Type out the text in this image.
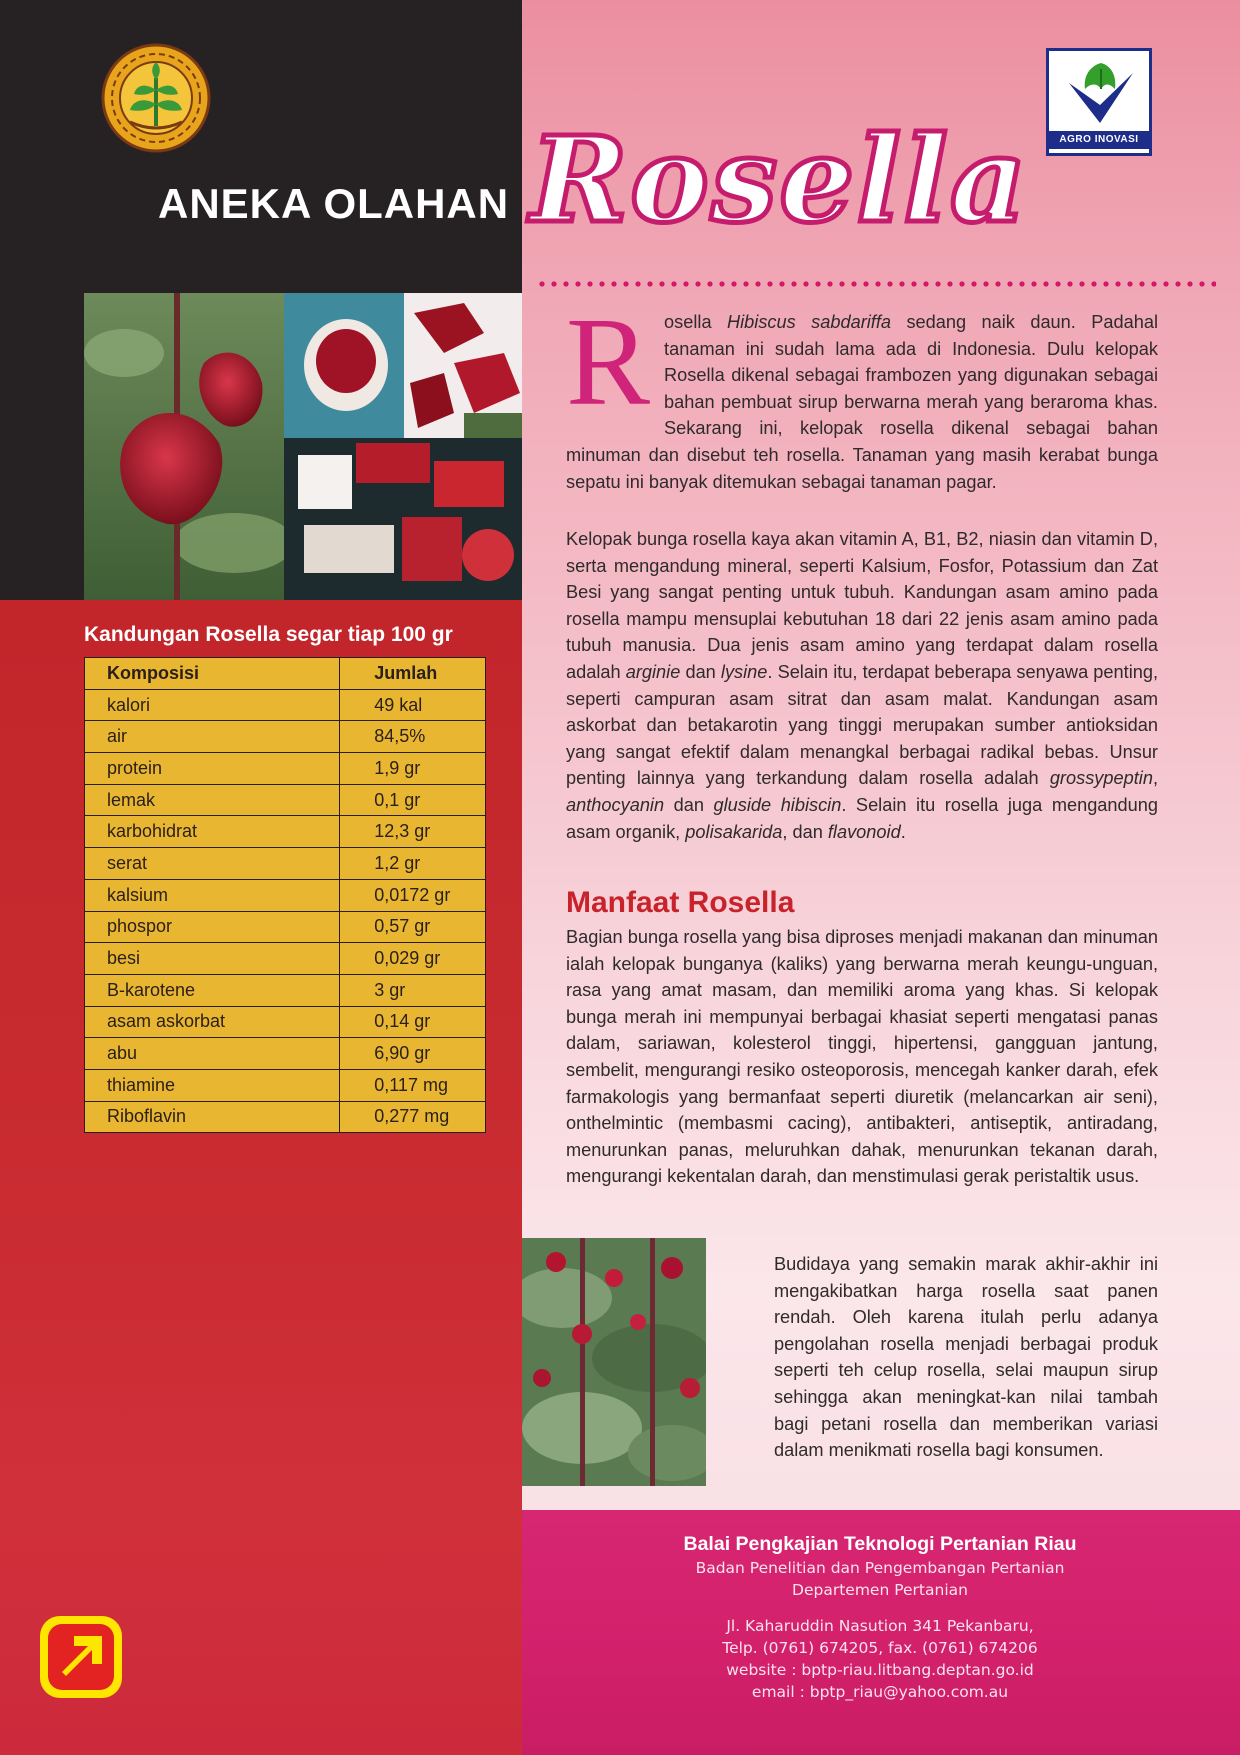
AGRO INOVASI
ANEKA OLAHAN Rosella
Kandungan Rosella segar tiap 100 gr
Komposisi	Jumlah
kalori	49 kal
air	84,5%
protein	1,9 gr
lemak	0,1 gr
karbohidrat	12,3 gr
serat	1,2 gr
kalsium	0,0172 gr
phospor	0,57 gr
besi	0,029 gr
B-karotene	3 gr
asam askorbat	0,14 gr
abu	6,90 gr
thiamine	0,117 mg
Riboflavin	0,277 mg

Rosella Hibiscus sabdariffa sedang naik daun. Padahal tanaman ini sudah lama ada di Indonesia. Dulu kelopak Rosella dikenal sebagai frambozen yang digunakan sebagai bahan pembuat sirup berwarna merah yang beraroma khas. Sekarang ini, kelopak rosella dikenal sebagai bahan minuman dan disebut teh rosella. Tanaman yang masih kerabat bunga sepatu ini banyak ditemukan sebagai tanaman pagar.

Kelopak bunga rosella kaya akan vitamin A, B1, B2, niasin dan vitamin D, serta mengandung mineral, seperti Kalsium, Fosfor, Potassium dan Zat Besi yang sangat penting untuk tubuh. Kandungan asam amino pada rosella mampu mensuplai kebutuhan 18 dari 22 jenis asam amino pada tubuh manusia. Dua jenis asam amino yang terdapat dalam rosella adalah arginie dan lysine. Selain itu, terdapat beberapa senyawa penting, seperti campuran asam sitrat dan asam malat. Kandungan asam askorbat dan betakarotin yang tinggi merupakan sumber antioksidan yang sangat efektif dalam menangkal berbagai radikal bebas. Unsur penting lainnya yang terkandung dalam rosella adalah grossypeptin, anthocyanin dan gluside hibiscin. Selain itu rosella juga mengandung asam organik, polisakarida, dan flavonoid.

Manfaat Rosella

Bagian bunga rosella yang bisa diproses menjadi makanan dan minuman ialah kelopak bunganya (kaliks) yang berwarna merah keungu-unguan, rasa yang amat masam, dan memiliki aroma yang khas. Si kelopak bunga merah ini mempunyai berbagai khasiat seperti mengatasi panas dalam, sariawan, kolesterol tinggi, hipertensi, gangguan jantung, sembelit, mengurangi resiko osteoporosis, mencegah kanker darah, efek farmakologis yang bermanfaat seperti diuretik (melancarkan air seni), onthelmintic (membasmi cacing), antibakteri, antiseptik, antiradang, menurunkan panas, meluruhkan dahak, menurunkan tekanan darah, mengurangi kekentalan darah, dan menstimulasi gerak peristaltik usus.

Budidaya yang semakin marak akhir-akhir ini mengakibatkan harga rosella saat panen rendah. Oleh karena itulah perlu adanya pengolahan rosella menjadi berbagai produk seperti teh celup rosella, selai maupun sirup sehingga akan meningkat-kan nilai tambah bagi petani rosella dan memberikan variasi dalam menikmati rosella bagi konsumen.

Balai Pengkajian Teknologi Pertanian Riau
Badan Penelitian dan Pengembangan Pertanian
Departemen Pertanian
Jl. Kaharuddin Nasution 341 Pekanbaru,
Telp. (0761) 674205, fax. (0761) 674206
website : bptp-riau.litbang.deptan.go.id
email : bptp_riau@yahoo.com.au
